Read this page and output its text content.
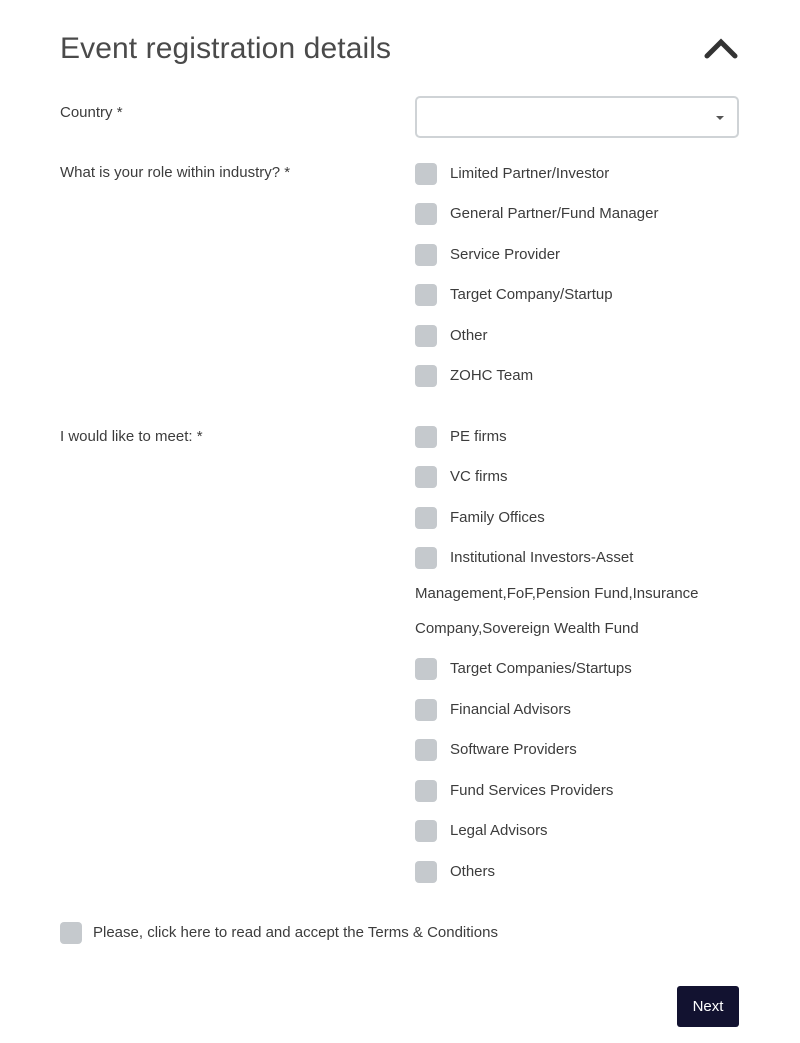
Event registration details
Country *
What is your role within industry? *	Limited Partner/Investor
General Partner/Fund Manager
Service Provider
Target Company/Startup
Other
ZOHC Team
I would like to meet: *	PE firms
VC firms
Family Offices
Institutional Investors-Asset
Management,FoF,Pension Fund,Insurance
Company,Sovereign Wealth Fund
Target Companies/Startups
Financial Advisors
Software Providers
Fund Services Providers
Legal Advisors
Others
Please, click here to read and accept the Terms & Conditions
Next
